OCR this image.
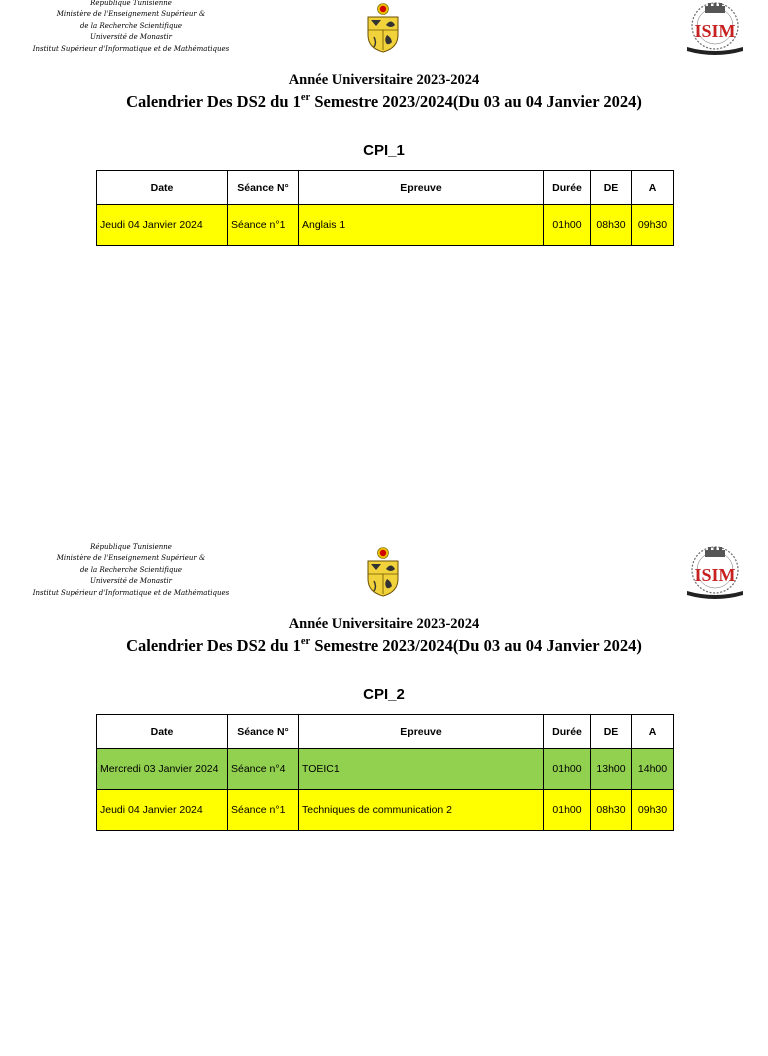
République Tunisienne
Ministère de l'Enseignement Supérieur &
de la Recherche Scientifique
Université de Monastir
Institut Supérieur d'Informatique et de Mathématiques
ISIM
Année Universitaire 2023-2024
Calendrier Des DS2 du 1er Semestre 2023/2024(Du 03 au 04 Janvier 2024)
CPI_1
Date	Séance N°	Epreuve	Durée	DE	A
Jeudi 04 Janvier 2024	Séance n°1	Anglais 1	01h00	08h30	09h30
République Tunisienne
Ministère de l'Enseignement Supérieur &
de la Recherche Scientifique
Université de Monastir
Institut Supérieur d'Informatique et de Mathématiques
ISIM
Année Universitaire 2023-2024
Calendrier Des DS2 du 1er Semestre 2023/2024(Du 03 au 04 Janvier 2024)
CPI_2
Date	Séance N°	Epreuve	Durée	DE	A
Mercredi 03 Janvier 2024	Séance n°4	TOEIC1	01h00	13h00	14h00
Jeudi 04 Janvier 2024	Séance n°1	Techniques de communication 2	01h00	08h30	09h30
